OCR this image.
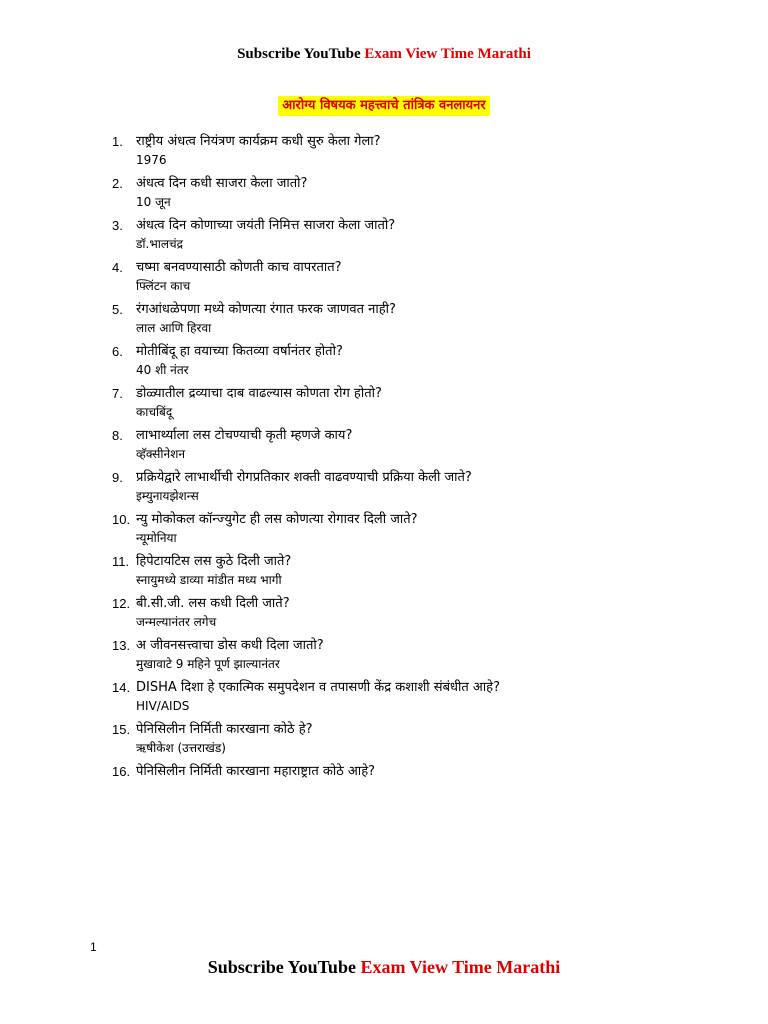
Subscribe YouTube Exam View Time Marathi
आरोग्य विषयक महत्त्वाचे तांत्रिक वनलायनर
1.	राष्ट्रीय अंधत्व नियंत्रण कार्यक्रम कधी सुरु केला गेला?
1976
2.	अंधत्व दिन कधी साजरा केला जातो?
10 जून
3.	अंधत्व दिन कोणाच्या जयंती निमित्त साजरा केला जातो?
डॉ.भालचंद्र
4.	चष्मा बनवण्यासाठी कोणती काच वापरतात?
फ्लिंटन काच
5.	रंगआंधळेपणा मध्ये कोणत्या रंगात फरक जाणवत नाही?
लाल आणि हिरवा
6.	मोतीबिंदू हा वयाच्या कितव्या वर्षानंतर होतो?
40 शी नंतर
7.	डोळ्यातील द्रव्याचा दाब वाढल्यास कोणता रोग होतो?
काचबिंदू
8.	लाभार्थ्याला लस टोचण्याची कृती म्हणजे काय?
व्हॅक्सीनेशन
9.	प्रक्रियेद्वारे लाभार्थीची रोगप्रतिकार शक्ती वाढवण्याची प्रक्रिया केली जाते?
इम्युनायझेशन्स
10. न्यु मोकोकल कॉन्ज्युगेट ही लस कोणत्या रोगावर दिली जाते?
न्यूमोनिया
11. हिपेटायटिस लस कुठे दिली जाते?
स्नायुमध्ये डाव्या मांडीत मध्य भागी
12. बी.सी.जी. लस कधी दिली जाते?
जन्मल्यानंतर लगेच
13. अ जीवनसत्त्वाचा डोस कधी दिला जातो?
मुखावाटे 9 महिने पूर्ण झाल्यानंतर
14. DISHA दिशा हे एकात्मिक समुपदेशन व तपासणी केंद्र कशाशी संबंधीत आहे?
HIV/AIDS
15. पेनिसिलीन निर्मिती कारखाना कोठे हे?
ऋषीकेश (उत्तराखंड)
16. पेनिसिलीन निर्मिती कारखाना महाराष्ट्रात कोठे आहे?
1
Subscribe YouTube Exam View Time Marathi
